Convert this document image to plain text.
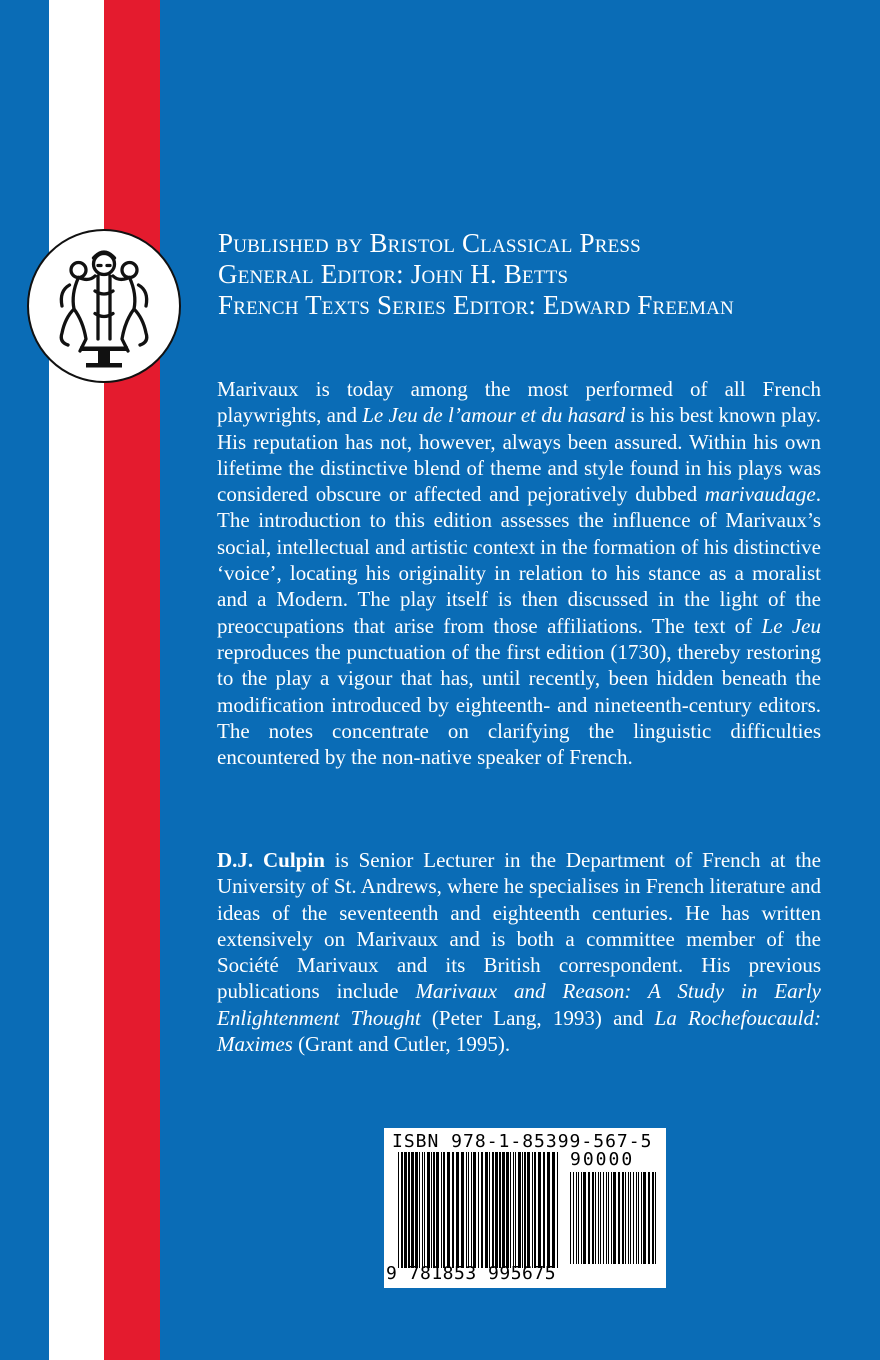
Published by Bristol Classical Press
General Editor: John H. Betts
French Texts Series Editor: Edward Freeman

Marivaux is today among the most performed of all French playwrights, and Le Jeu de l’amour et du hasard is his best known play. His reputation has not, however, always been assured. Within his own lifetime the distinctive blend of theme and style found in his plays was considered obscure or affected and pejoratively dubbed marivaudage. The introduction to this edition assesses the influence of Marivaux’s social, intellectual and artistic context in the formation of his distinctive ‘voice’, locating his originality in relation to his stance as a moralist and a Modern. The play itself is then discussed in the light of the preoccupations that arise from those affiliations. The text of Le Jeu reproduces the punctuation of the first edition (1730), thereby restoring to the play a vigour that has, until recently, been hidden beneath the modification introduced by eighteenth- and nineteenth-century editors. The notes concentrate on clarifying the linguistic difficulties encountered by the non-native speaker of French.

D.J. Culpin is Senior Lecturer in the Department of French at the University of St. Andrews, where he specialises in French literature and ideas of the seventeenth and eighteenth centuries. He has written extensively on Marivaux and is both a committee member of the Société Marivaux and its British correspondent. His previous publications include Marivaux and Reason: A Study in Early Enlightenment Thought (Peter Lang, 1993) and La Rochefoucauld: Maximes (Grant and Cutler, 1995).

ISBN 978-1-85399-567-5
90000
9 781853 995675
